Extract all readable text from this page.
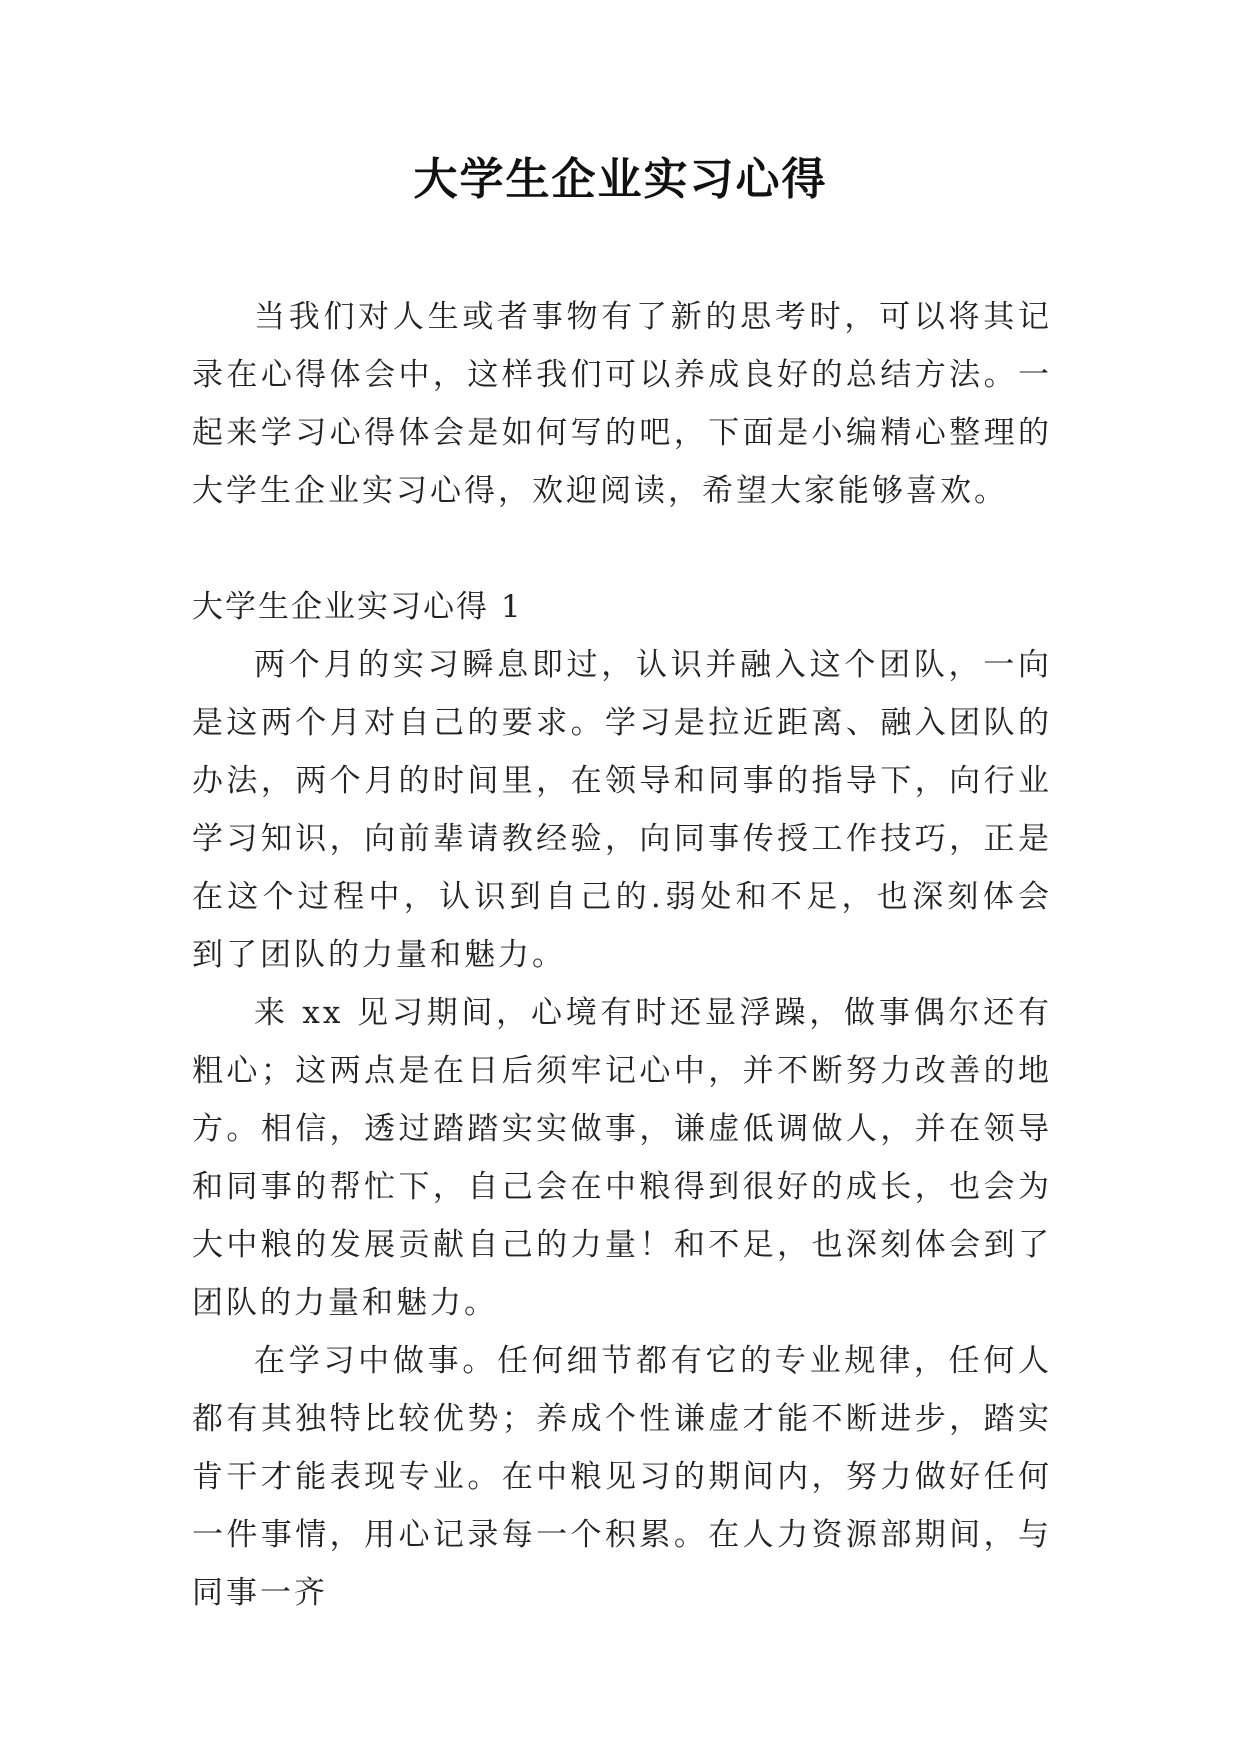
大学生企业实习心得

当我们对人生或者事物有了新的思考时，可以将其记录在心得体会中，这样我们可以养成良好的总结方法。一起来学习心得体会是如何写的吧，下面是小编精心整理的大学生企业实习心得，欢迎阅读，希望大家能够喜欢。

大学生企业实习心得 1

两个月的实习瞬息即过，认识并融入这个团队，一向是这两个月对自己的要求。学习是拉近距离、融入团队的办法，两个月的时间里，在领导和同事的指导下，向行业学习知识，向前辈请教经验，向同事传授工作技巧，正是在这个过程中，认识到自己的.弱处和不足，也深刻体会到了团队的力量和魅力。

来 xx 见习期间，心境有时还显浮躁，做事偶尔还有粗心；这两点是在日后须牢记心中，并不断努力改善的地方。相信，透过踏踏实实做事，谦虚低调做人，并在领导和同事的帮忙下，自己会在中粮得到很好的成长，也会为大中粮的发展贡献自己的力量！和不足，也深刻体会到了团队的力量和魅力。

在学习中做事。任何细节都有它的专业规律，任何人都有其独特比较优势；养成个性谦虚才能不断进步，踏实肯干才能表现专业。在中粮见习的期间内，努力做好任何一件事情，用心记录每一个积累。在人力资源部期间，与同事一齐
